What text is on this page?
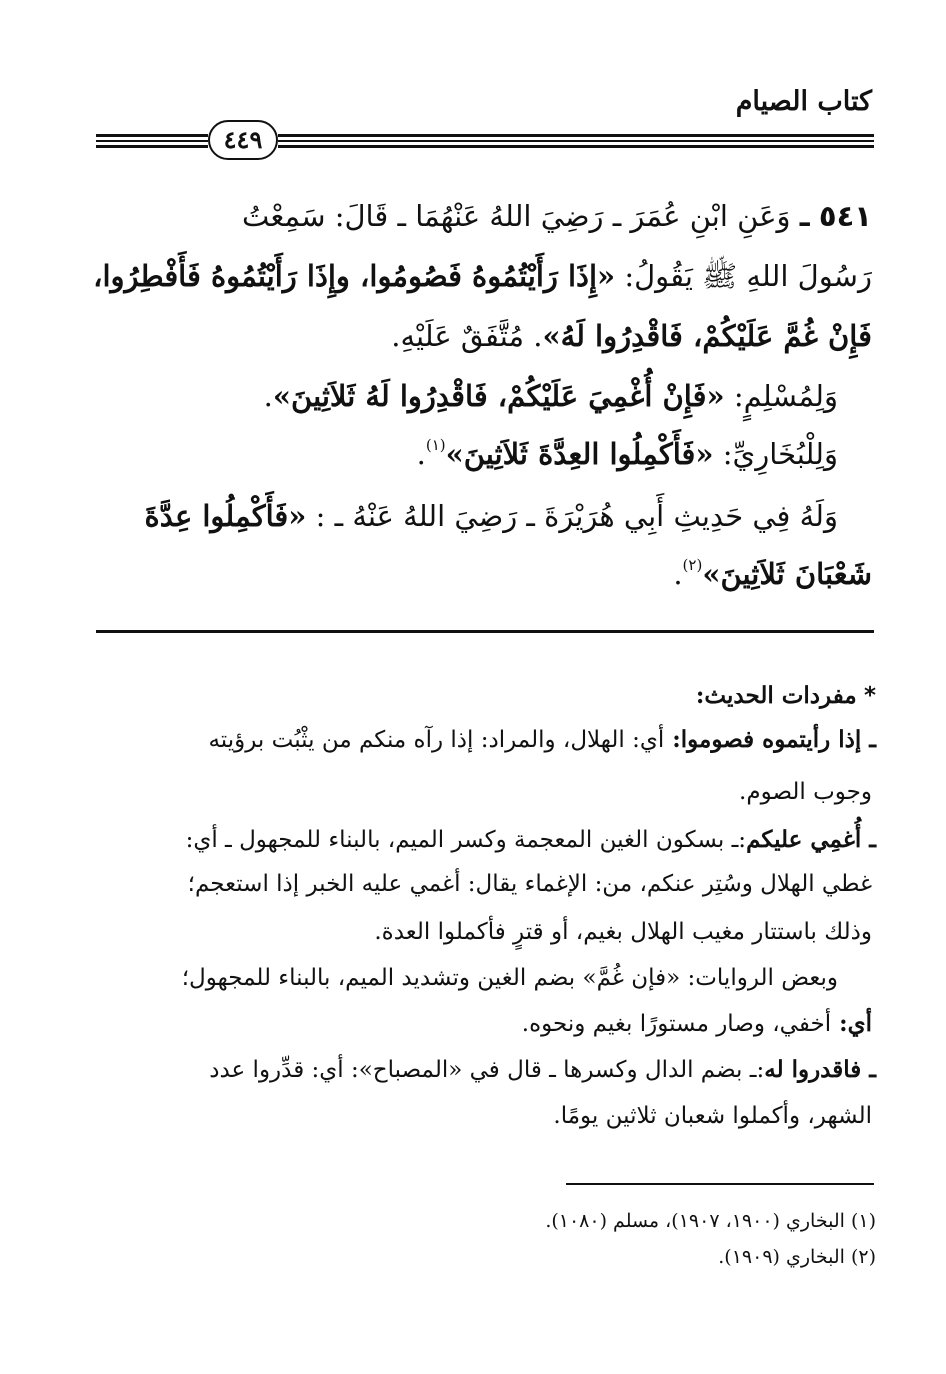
كتاب الصيام
٤٤٩
٥٤١ ـ وَعَنِ ابْنِ عُمَرَ ـ رَضِيَ اللهُ عَنْهُمَا ـ قَالَ: سَمِعْتُ
رَسُولَ اللهِ ﷺ يَقُولُ: «إِذَا رَأَيْتُمُوهُ فَصُومُوا، وإِذَا رَأَيْتُمُوهُ فَأَفْطِرُوا،
فَإِنْ غُمَّ عَلَيْكُمْ، فَاقْدِرُوا لَهُ». مُتَّفَقٌ عَلَيْهِ.
وَلِمُسْلِمٍ: «فَإِنْ أُغْمِيَ عَلَيْكُمْ، فَاقْدِرُوا لَهُ ثَلاَثِينَ».
وَلِلْبُخَارِيِّ: «فَأَكْمِلُوا العِدَّةَ ثَلاَثِينَ»$^{(١)}$.
وَلَهُ فِي حَدِيثِ أَبِي هُرَيْرَةَ ـ رَضِيَ اللهُ عَنْهُ ـ : «فَأَكْمِلُوا عِدَّةَ
شَعْبَانَ ثَلاَثِينَ»$^{(٢)}$.
* مفردات الحديث:
ـ إذا رأيتموه فصوموا: أي: الهلال، والمراد: إذا رآه منكم من يثْبُت برؤيته
وجوب الصوم.
ـ أُغمِي عليكم:ـ بسكون الغين المعجمة وكسر الميم، بالبناء للمجهول ـ أي:
غطي الهلال وسُتِر عنكم، من: الإغماء يقال: أغمي عليه الخبر إذا استعجم؛
وذلك باستتار مغيب الهلال بغيم، أو قترٍ فأكملوا العدة.
وبعض الروايات: «فإن غُمَّ» بضم الغين وتشديد الميم، بالبناء للمجهول؛
أي: أخفي، وصار مستورًا بغيم ونحوه.
ـ فاقدروا له:ـ بضم الدال وكسرها ـ قال في «المصباح»: أي: قدِّروا عدد
الشهر، وأكملوا شعبان ثلاثين يومًا.
(١) البخاري (١٩٠٠، ١٩٠٧)، مسلم (١٠٨٠).
(٢) البخاري (١٩٠٩).
